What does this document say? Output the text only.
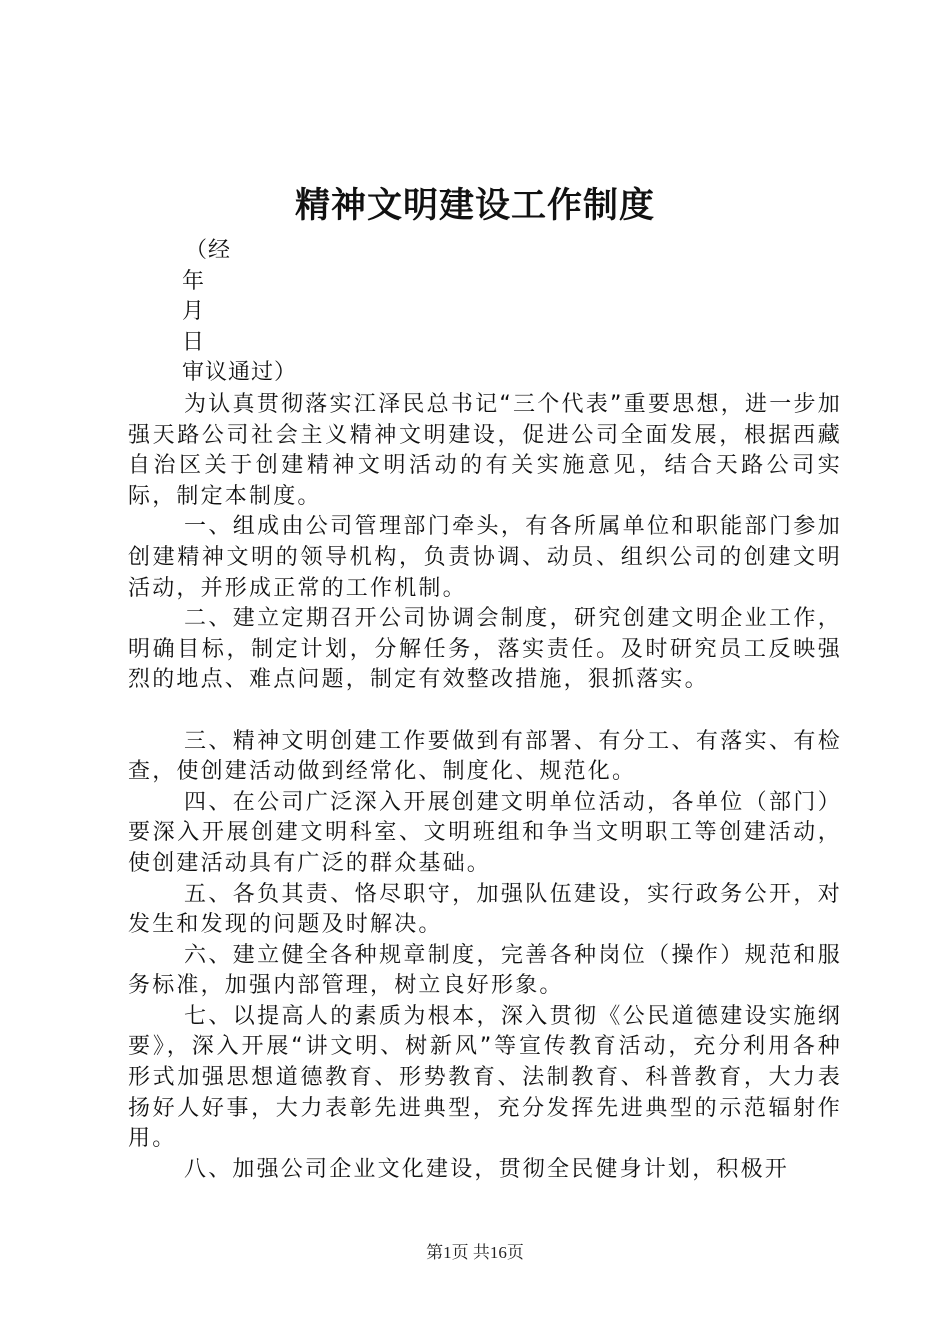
精神文明建设工作制度
（经
年
月
日
审议通过）

为认真贯彻落实江泽民总书记“三个代表”重要思想，进一步加强天路公司社会主义精神文明建设，促进公司全面发展，根据西藏自治区关于创建精神文明活动的有关实施意见，结合天路公司实际，制定本制度。

一、组成由公司管理部门牵头，有各所属单位和职能部门参加创建精神文明的领导机构，负责协调、动员、组织公司的创建文明活动，并形成正常的工作机制。

二、建立定期召开公司协调会制度，研究创建文明企业工作，明确目标，制定计划，分解任务，落实责任。及时研究员工反映强烈的地点、难点问题，制定有效整改措施，狠抓落实。

三、精神文明创建工作要做到有部署、有分工、有落实、有检查，使创建活动做到经常化、制度化、规范化。

四、在公司广泛深入开展创建文明单位活动，各单位（部门）要深入开展创建文明科室、文明班组和争当文明职工等创建活动，使创建活动具有广泛的群众基础。

五、各负其责、恪尽职守，加强队伍建设，实行政务公开，对发生和发现的问题及时解决。

六、建立健全各种规章制度，完善各种岗位（操作）规范和服务标准，加强内部管理，树立良好形象。

七、以提高人的素质为根本，深入贯彻《公民道德建设实施纲要》，深入开展“讲文明、树新风”等宣传教育活动，充分利用各种形式加强思想道德教育、形势教育、法制教育、科普教育，大力表扬好人好事，大力表彰先进典型，充分发挥先进典型的示范辐射作用。

八、加强公司企业文化建设，贯彻全民健身计划，积极开

第1页 共16页
